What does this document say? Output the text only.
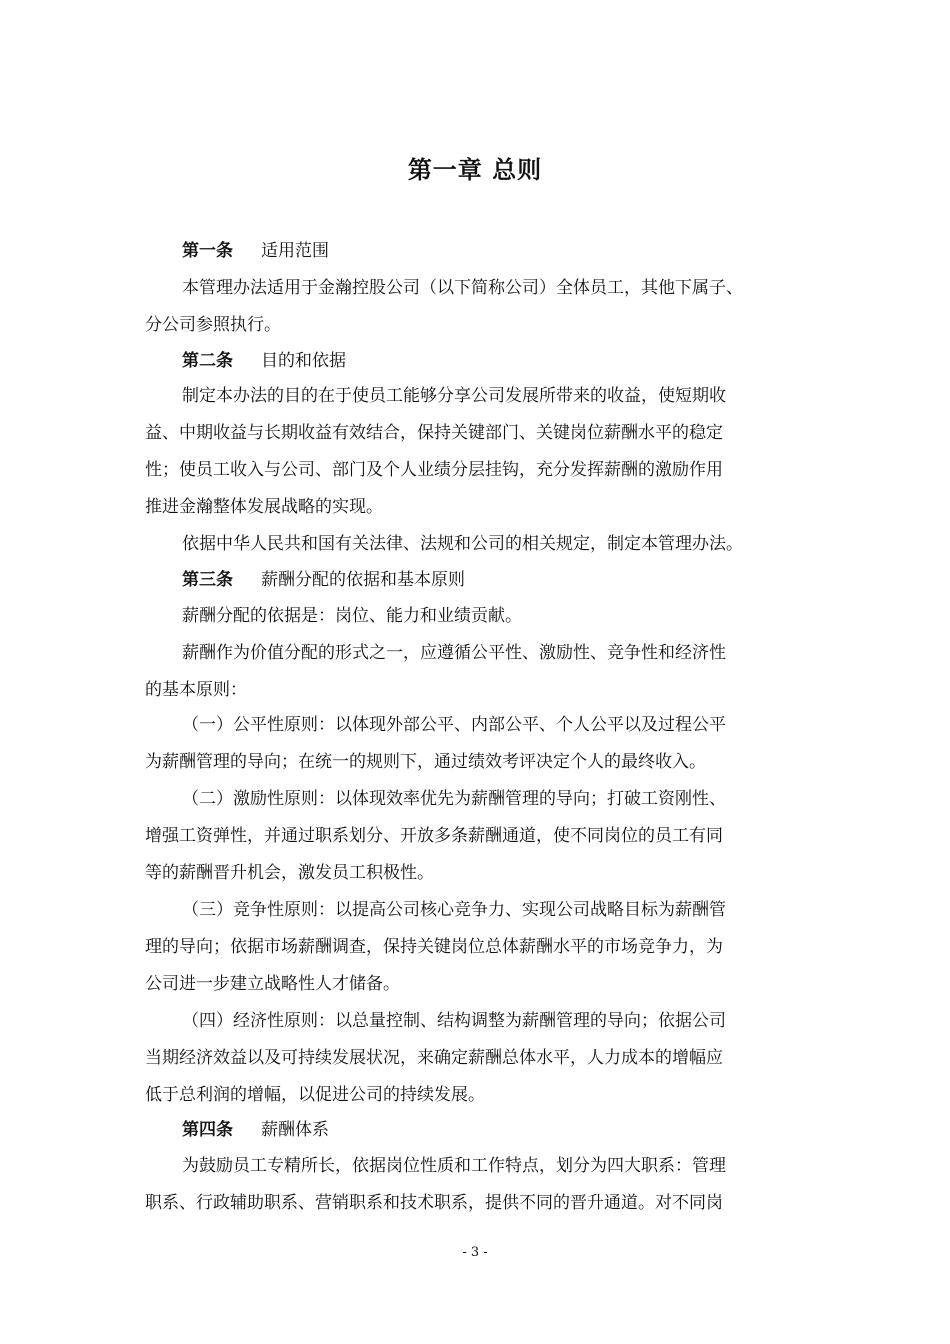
第一章 总则
第一条 适用范围
本管理办法适用于金瀚控股公司（以下简称公司）全体员工，其他下属子、
分公司参照执行。
第二条 目的和依据
制定本办法的目的在于使员工能够分享公司发展所带来的收益，使短期收
益、中期收益与长期收益有效结合，保持关键部门、关键岗位薪酬水平的稳定
性；使员工收入与公司、部门及个人业绩分层挂钩，充分发挥薪酬的激励作用
推进金瀚整体发展战略的实现。
依据中华人民共和国有关法律、法规和公司的相关规定，制定本管理办法。
第三条 薪酬分配的依据和基本原则
薪酬分配的依据是：岗位、能力和业绩贡献。
薪酬作为价值分配的形式之一，应遵循公平性、激励性、竞争性和经济性
的基本原则：
（一）公平性原则：以体现外部公平、内部公平、个人公平以及过程公平
为薪酬管理的导向；在统一的规则下，通过绩效考评决定个人的最终收入。
（二）激励性原则：以体现效率优先为薪酬管理的导向；打破工资刚性、
增强工资弹性，并通过职系划分、开放多条薪酬通道，使不同岗位的员工有同
等的薪酬晋升机会，激发员工积极性。
（三）竞争性原则：以提高公司核心竞争力、实现公司战略目标为薪酬管
理的导向；依据市场薪酬调查，保持关键岗位总体薪酬水平的市场竞争力，为
公司进一步建立战略性人才储备。
（四）经济性原则：以总量控制、结构调整为薪酬管理的导向；依据公司
当期经济效益以及可持续发展状况，来确定薪酬总体水平，人力成本的增幅应
低于总利润的增幅，以促进公司的持续发展。
第四条 薪酬体系
为鼓励员工专精所长，依据岗位性质和工作特点，划分为四大职系：管理
职系、行政辅助职系、营销职系和技术职系，提供不同的晋升通道。对不同岗
- 3 -
